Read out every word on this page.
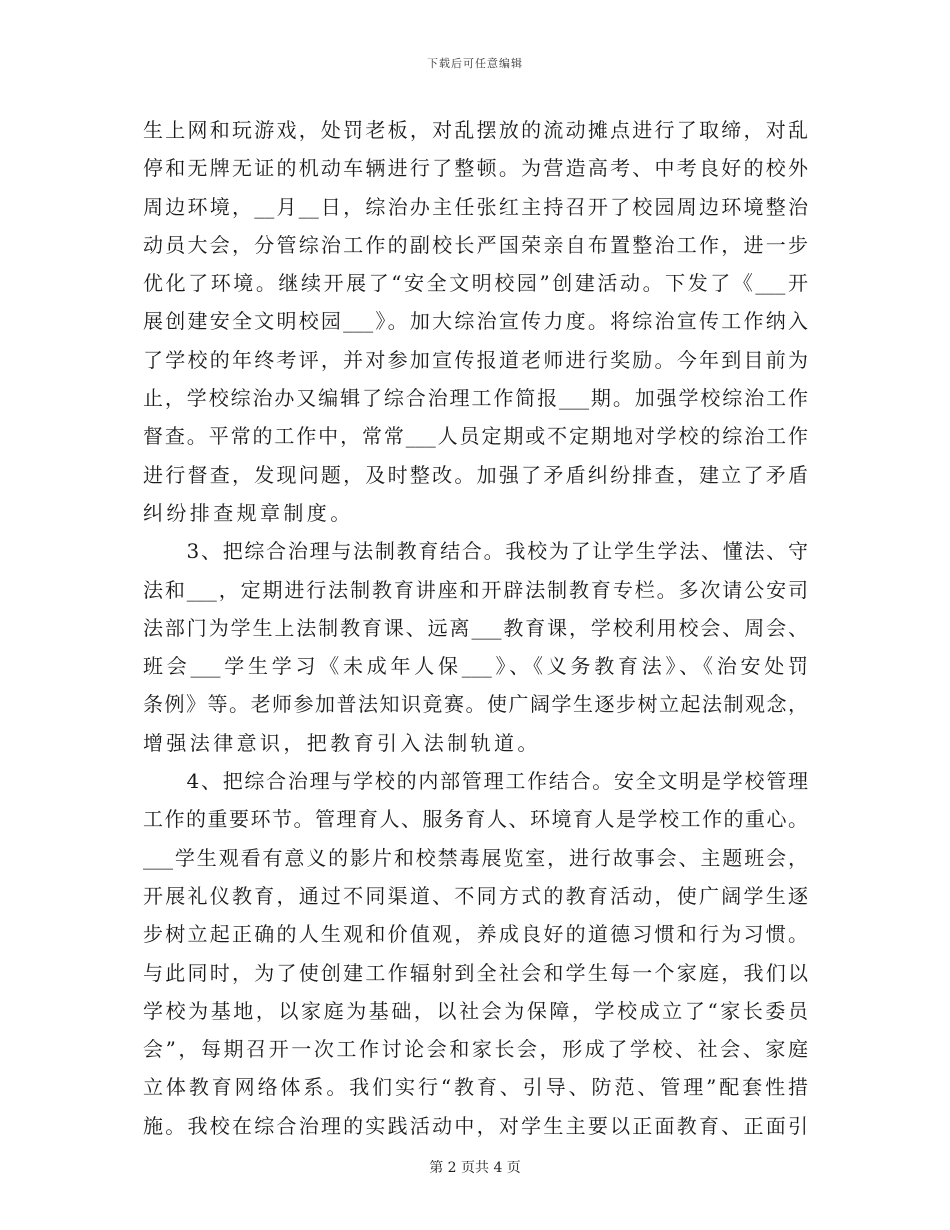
下载后可任意编辑
生上网和玩游戏，处罚老板，对乱摆放的流动摊点进行了取缔，对乱
停和无牌无证的机动车辆进行了整顿。为营造高考、中考良好的校外
周边环境，__月__日，综治办主任张红主持召开了校园周边环境整治
动员大会，分管综治工作的副校长严国荣亲自布置整治工作，进一步
优化了环境。继续开展了“安全文明校园”创建活动。下发了《___开
展创建安全文明校园___》。加大综治宣传力度。将综治宣传工作纳入
了学校的年终考评，并对参加宣传报道老师进行奖励。今年到目前为
止，学校综治办又编辑了综合治理工作简报___期。加强学校综治工作
督查。平常的工作中，常常___人员定期或不定期地对学校的综治工作
进行督查，发现问题，及时整改。加强了矛盾纠纷排查，建立了矛盾
纠纷排查规章制度。
　　3、把综合治理与法制教育结合。我校为了让学生学法、懂法、守
法和___，定期进行法制教育讲座和开辟法制教育专栏。多次请公安司
法部门为学生上法制教育课、远离___教育课，学校利用校会、周会、
班会___学生学习《未成年人保___》、《义务教育法》、《治安处罚
条例》等。老师参加普法知识竟赛。使广阔学生逐步树立起法制观念，
增强法律意识，把教育引入法制轨道。
　　4、把综合治理与学校的内部管理工作结合。安全文明是学校管理
工作的重要环节。管理育人、服务育人、环境育人是学校工作的重心。
___学生观看有意义的影片和校禁毒展览室，进行故事会、主题班会，
开展礼仪教育，通过不同渠道、不同方式的教育活动，使广阔学生逐
步树立起正确的人生观和价值观，养成良好的道德习惯和行为习惯。
与此同时，为了使创建工作辐射到全社会和学生每一个家庭，我们以
学校为基地，以家庭为基础，以社会为保障，学校成立了“家长委员
会”，每期召开一次工作讨论会和家长会，形成了学校、社会、家庭
立体教育网络体系。我们实行“教育、引导、防范、管理”配套性措
施。我校在综合治理的实践活动中，对学生主要以正面教育、正面引
第 2 页共 4 页
